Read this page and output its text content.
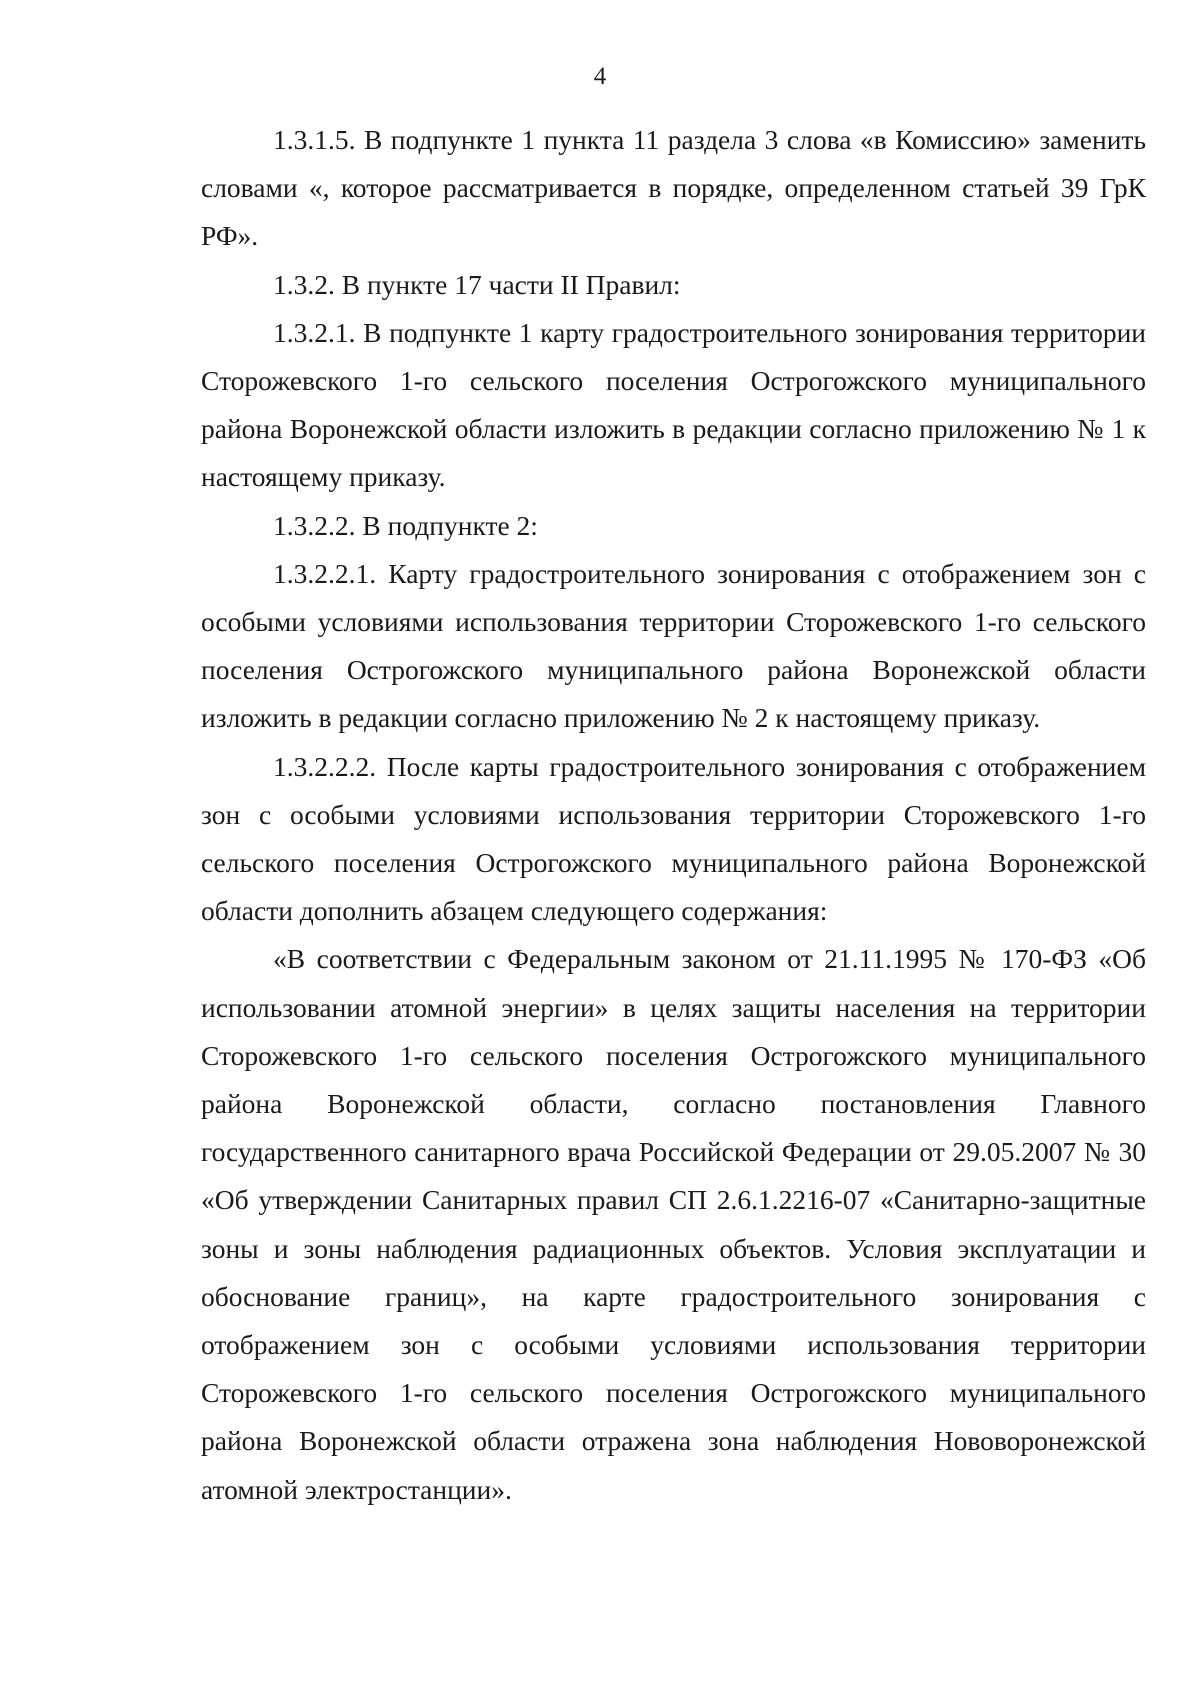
4

1.3.1.5. В подпункте 1 пункта 11 раздела 3 слова «в Комиссию» заменить словами «, которое рассматривается в порядке, определенном статьей 39 ГрК РФ».

1.3.2. В пункте 17 части II Правил:

1.3.2.1. В подпункте 1 карту градостроительного зонирования территории Сторожевского 1-го сельского поселения Острогожского муниципального района Воронежской области изложить в редакции согласно приложению № 1 к настоящему приказу.

1.3.2.2. В подпункте 2:

1.3.2.2.1. Карту градостроительного зонирования с отображением зон с особыми условиями использования территории Сторожевского 1-го сельского поселения Острогожского муниципального района Воронежской области изложить в редакции согласно приложению № 2 к настоящему приказу.

1.3.2.2.2. После карты градостроительного зонирования с отображением зон с особыми условиями использования территории Сторожевского 1-го сельского поселения Острогожского муниципального района Воронежской области дополнить абзацем следующего содержания:

«В соответствии с Федеральным законом от 21.11.1995 № 170-ФЗ «Об использовании атомной энергии» в целях защиты населения на территории Сторожевского 1-го сельского поселения Острогожского муниципального района Воронежской области, согласно постановления Главного государственного санитарного врача Российской Федерации от 29.05.2007 № 30 «Об утверждении Санитарных правил СП 2.6.1.2216-07 «Санитарно-защитные зоны и зоны наблюдения радиационных объектов. Условия эксплуатации и обоснование границ», на карте градостроительного зонирования с отображением зон с особыми условиями использования территории Сторожевского 1-го сельского поселения Острогожского муниципального района Воронежской области отражена зона наблюдения Нововоронежской атомной электростанции».
